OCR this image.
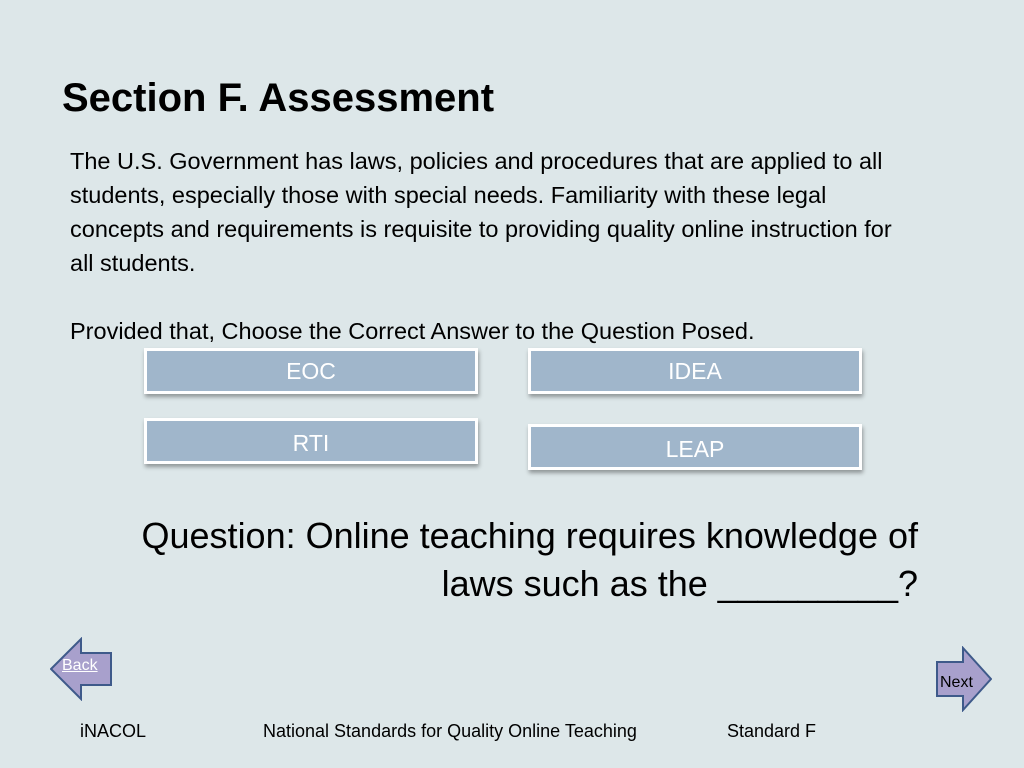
Section F. Assessment

The U.S. Government has laws, policies and procedures that are applied to all students, especially those with special needs. Familiarity with these legal concepts and requirements is requisite to providing quality online instruction for all students.

Provided that, Choose the Correct Answer to the Question Posed.

EOC	IDEA
RTI	LEAP
Question: Online teaching requires knowledge of laws such as the _________?
Back
Next
iNACOL	National Standards for Quality Online Teaching	Standard F
